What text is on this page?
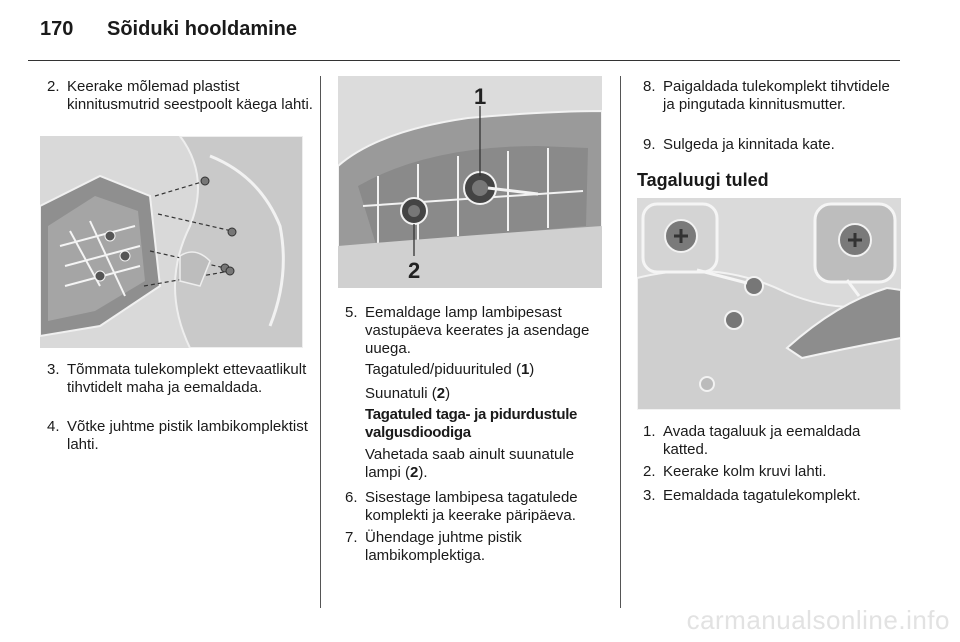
170 Sõiduki hooldamine
2. Keerake mõlemad plastist kinnitusmutrid seestpoolt käega lahti.
3. Tõmmata tulekomplekt ettevaatlikult tihvtidelt maha ja eemaldada.
4. Võtke juhtme pistik lambikomplektist lahti.
1
2
5. Eemaldage lamp lambipesast vastupäeva keerates ja asendage uuega.
Tagatuled/piduurituled (1)
Suunatuli (2)
Tagatuled taga- ja pidurdustule valgusdioodiga
Vahetada saab ainult suunatule lampi (2).
6. Sisestage lambipesa tagatulede komplekti ja keerake päripäeva.
7. Ühendage juhtme pistik lambikomplektiga.
8. Paigaldada tulekomplekt tihvtidele ja pingutada kinnitusmutter.
9. Sulgeda ja kinnitada kate.
Tagaluugi tuled
1. Avada tagaluuk ja eemaldada katted.
2. Keerake kolm kruvi lahti.
3. Eemaldada tagatulekomplekt.
carmanualsonline.info
